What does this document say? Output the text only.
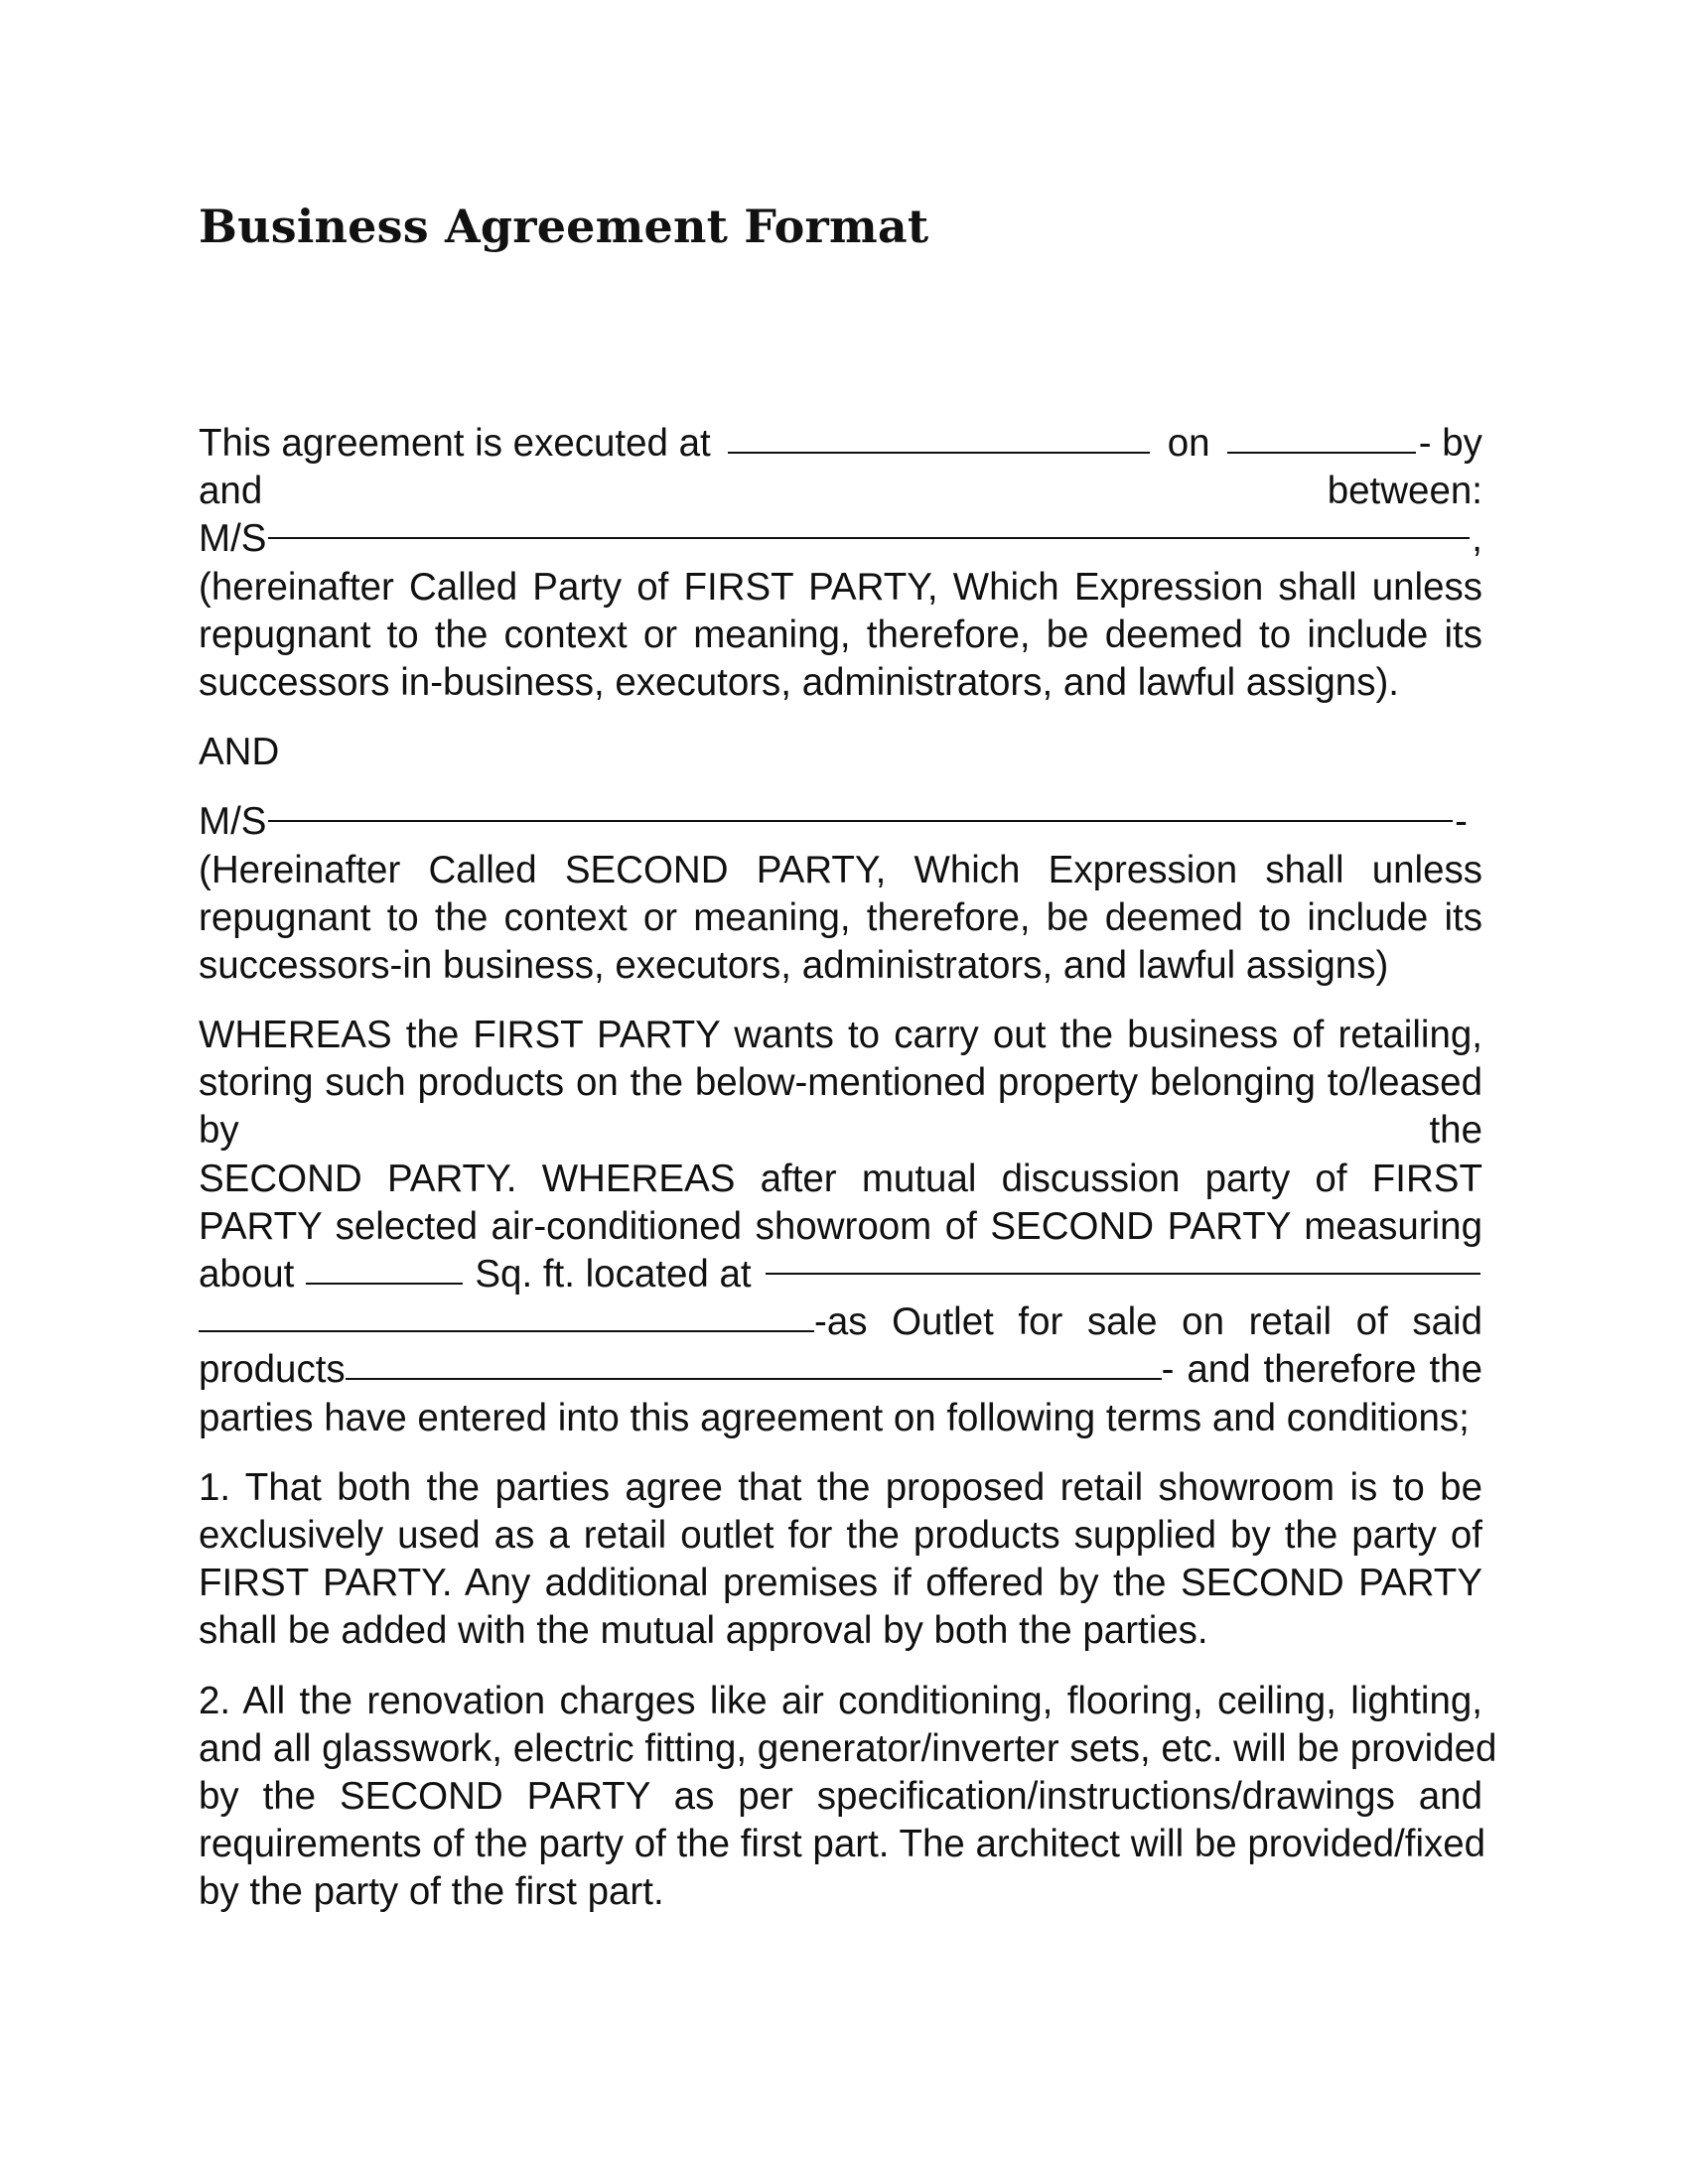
Business Agreement Format
This agreement is executed at	on	- by
and	between:
M/S	,
(hereinafter Called Party of FIRST PARTY, Which Expression shall unless
repugnant to the context or meaning, therefore, be deemed to include its
successors in-business, executors, administrators, and lawful assigns).
AND
M/S	-
(Hereinafter Called SECOND PARTY, Which Expression shall unless
repugnant to the context or meaning, therefore, be deemed to include its
successors-in business, executors, administrators, and lawful assigns)
WHEREAS the FIRST PARTY wants to carry out the business of retailing,
storing such products on the below-mentioned property belonging to/leased
by	the
SECOND PARTY. WHEREAS after mutual discussion party of FIRST
PARTY selected air-conditioned showroom of SECOND PARTY measuring
about	Sq. ft. located at
-as Outlet for sale on retail of said
products	- and therefore the
parties have entered into this agreement on following terms and conditions;
1. That both the parties agree that the proposed retail showroom is to be
exclusively used as a retail outlet for the products supplied by the party of
FIRST PARTY. Any additional premises if offered by the SECOND PARTY
shall be added with the mutual approval by both the parties.
2. All the renovation charges like air conditioning, flooring, ceiling, lighting,
and all glasswork, electric fitting, generator/inverter sets, etc. will be provided
by the SECOND PARTY as per specification/instructions/drawings and
requirements of the party of the first part. The architect will be provided/fixed
by the party of the first part.
